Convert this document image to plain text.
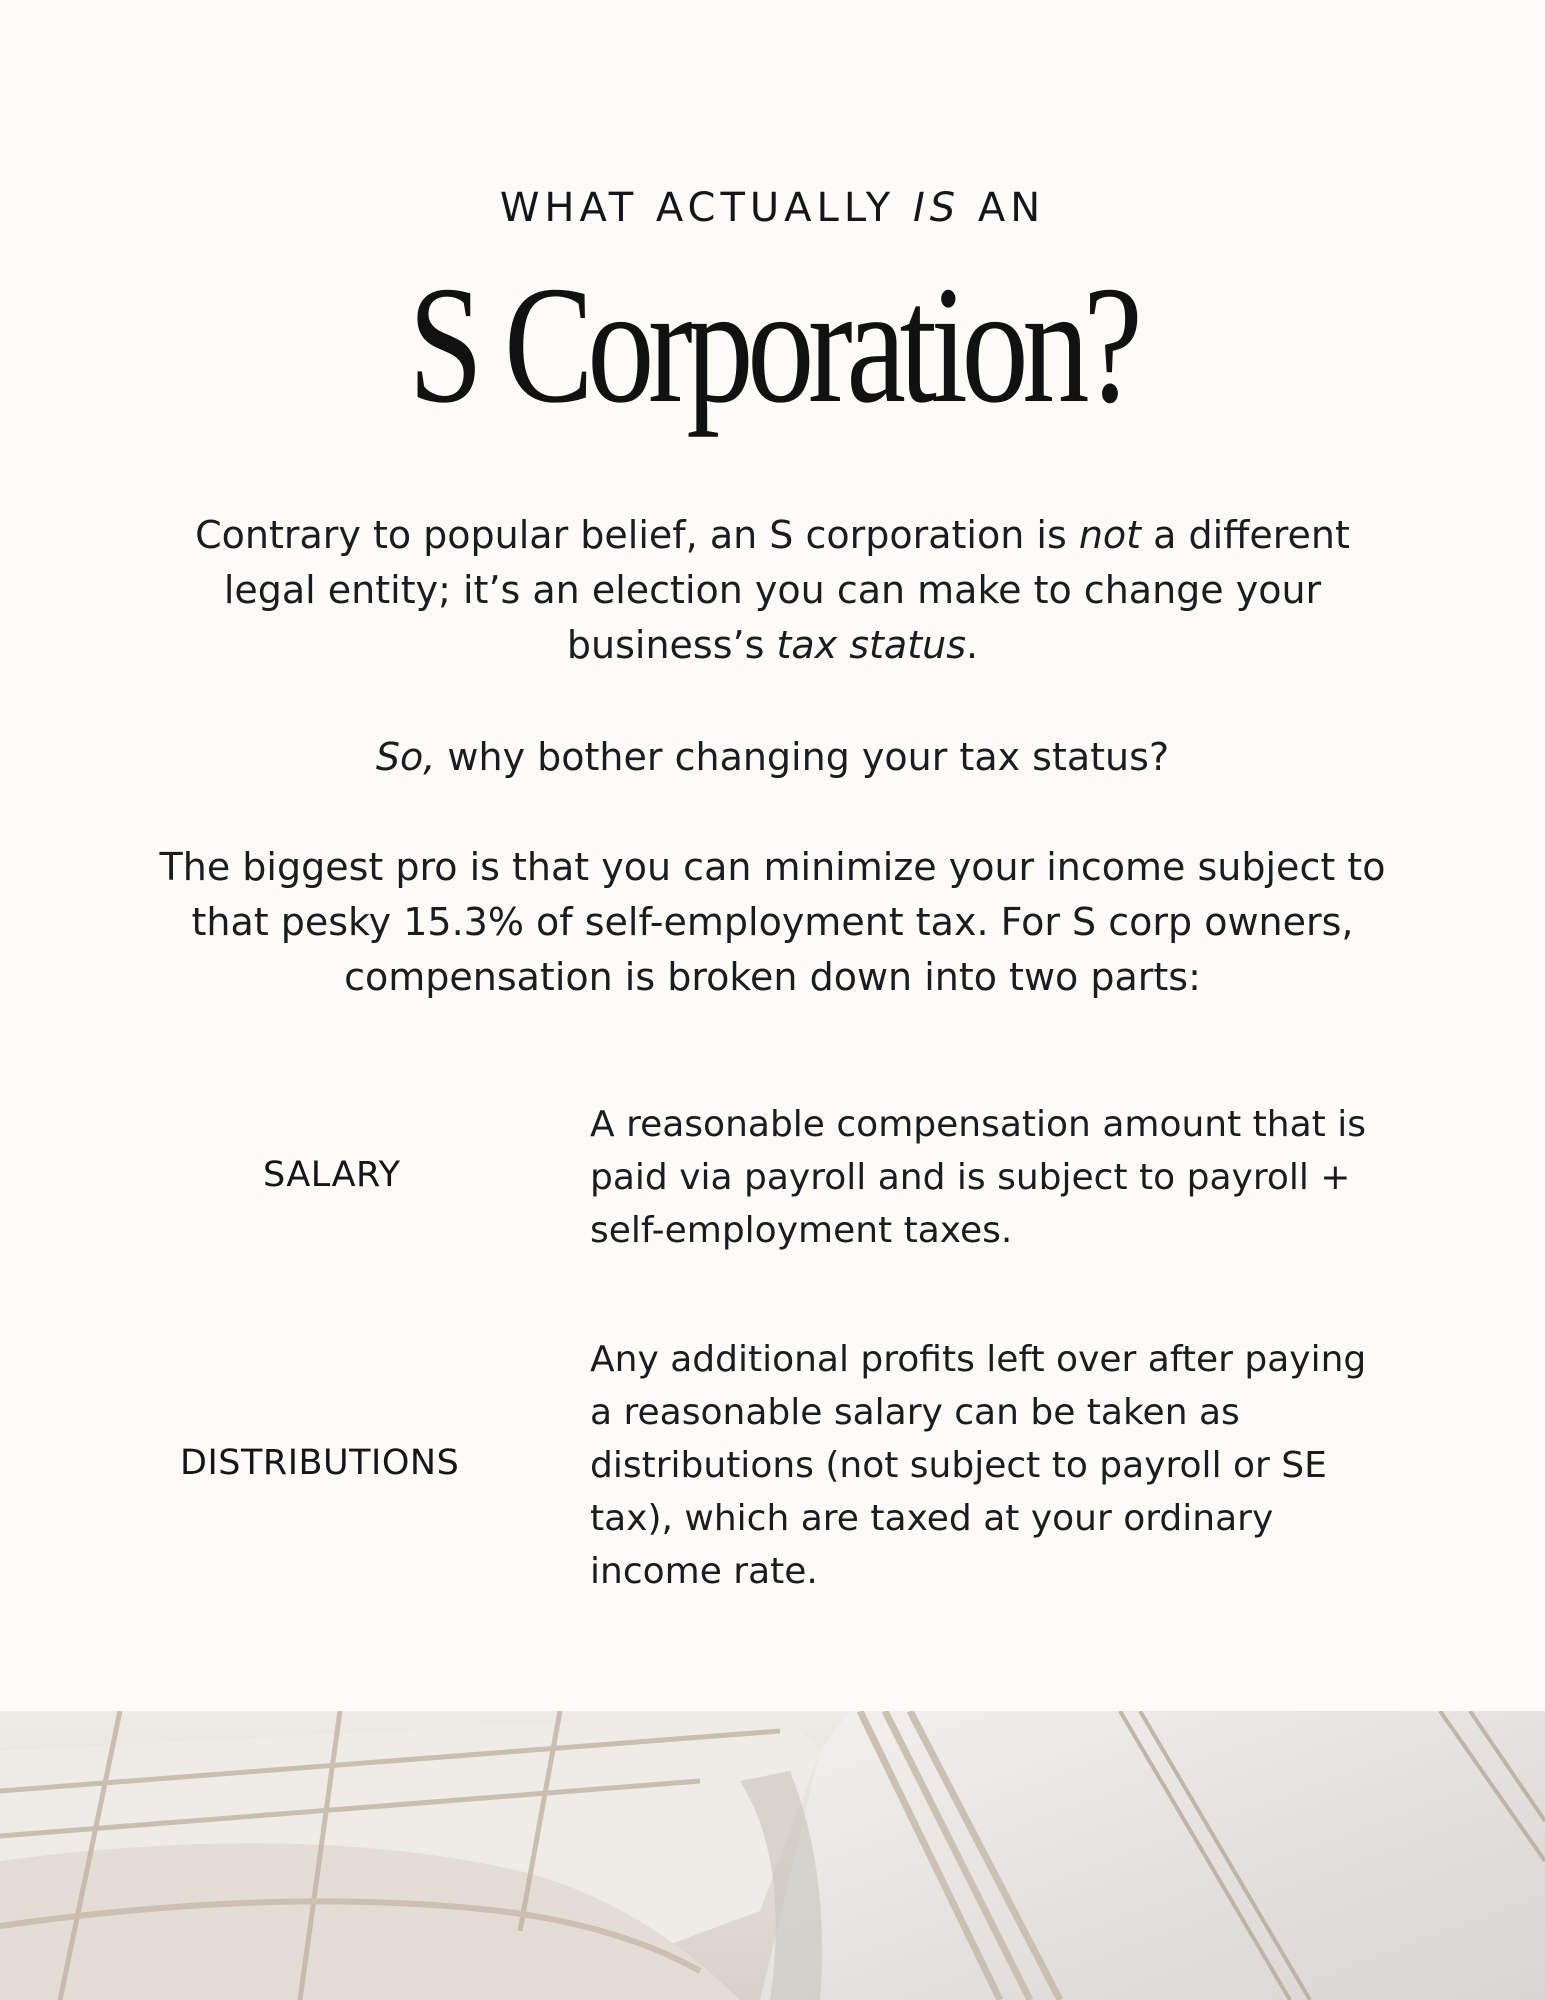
WHAT ACTUALLY IS AN
S Corporation?
Contrary to popular belief, an S corporation is not a different legal entity; it’s an election you can make to change your business’s tax status.
So, why bother changing your tax status?
The biggest pro is that you can minimize your income subject to that pesky 15.3% of self-employment tax. For S corp owners, compensation is broken down into two parts:
SALARY
A reasonable compensation amount that is paid via payroll and is subject to payroll + self-employment taxes.
DISTRIBUTIONS
Any additional profits left over after paying a reasonable salary can be taken as distributions (not subject to payroll or SE tax), which are taxed at your ordinary income rate.
